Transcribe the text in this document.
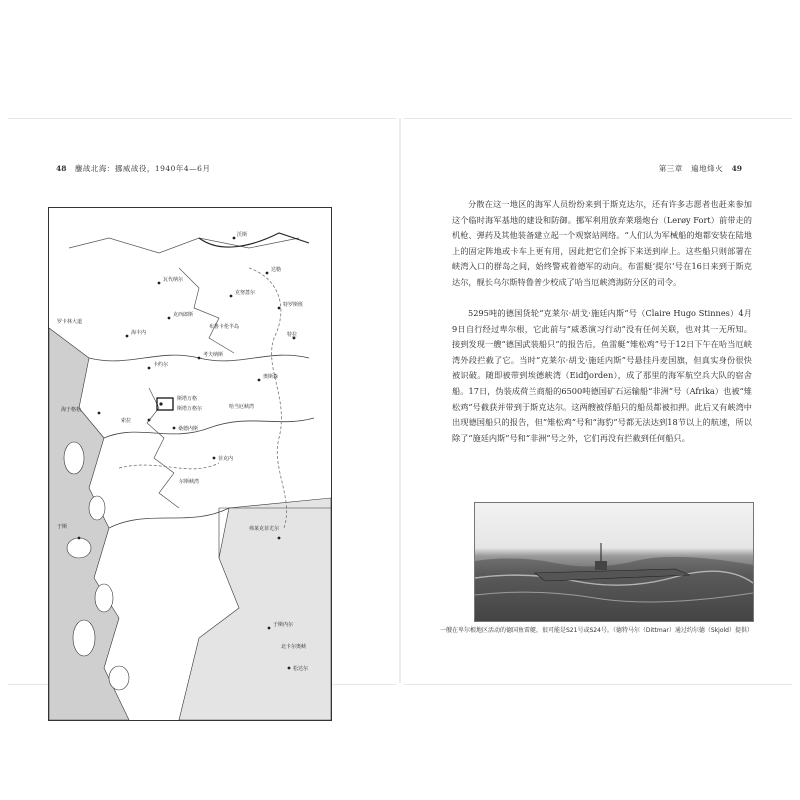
48 鏖战北海：挪威战役，1940年4—6月
沃斯
达勒
克努蔷尔
瓦代纳尔
特罗斯班
克西郎斯
海丰内	特拉
罗卡林大道
考夫纳斯
卡约尔
奥斯森
斯塔万格
海于格松	斯塔万格尔
索拉
桑德内斯
菲克内
于斯	弗莱克菲尤尔
于斯内尔
北卡尔奥峡
松达尔
布鲁卡伦半岛
哈当厄峡湾
尔斯峡湾
第三章 遍地烽火 49

分散在这一地区的海军人员纷纷来到于斯克达尔，还有许多志愿者也赶来参加这个临时海军基地的建设和防御。挪军利用放弃莱瑙炮台（Lerøy Fort）前带走的机枪、弹药及其他装备建立起一个观察站网络。“人们认为军械船的炮都安装在陆地上的固定阵地或卡车上更有用，因此把它们全拆下来送到岸上。这些船只则部署在峡湾入口的群岛之间，始终警戒着德军的动向。布雷艇‘提尔’号在16日来到于斯克达尔，舰长乌尔斯特鲁普少校成了哈当厄峡湾海防分区的司令。

5295吨的德国货轮“克莱尔·胡戈·施廷内斯”号（Claire Hugo Stinnes）4月9日自行经过卑尔根，它此前与“威悉演习行动”没有任何关联，也对其一无所知。接到发现一艘“德国武装船只”的报告后，鱼雷艇“雉松鸡”号于12日下午在哈当厄峡湾外段拦截了它。当时“克莱尔·胡戈·施廷内斯”号悬挂丹麦国旗，但真实身份很快被识破。随即被带到埃德峡湾（Eidfjorden），成了那里的海军航空兵大队的宿舍船。17日，伪装成荷兰商船的6500吨德国矿石运输船“非洲”号（Afrika）也被“雉松鸡”号截获并带到于斯克达尔。这两艘被俘船只的船员都被扣押。此后又有峡湾中出现德国船只的报告，但“雉松鸡”号和“海豹”号都无法达到18节以上的航速，所以除了“施廷内斯”号和“非洲”号之外，它们再没有拦截到任何船只。

一艘在卑尔根地区活动的德国鱼雷艇，很可能是S21号或S24号。（德特马尔（Dittmar）通过约尔德（Skjold）提供）
